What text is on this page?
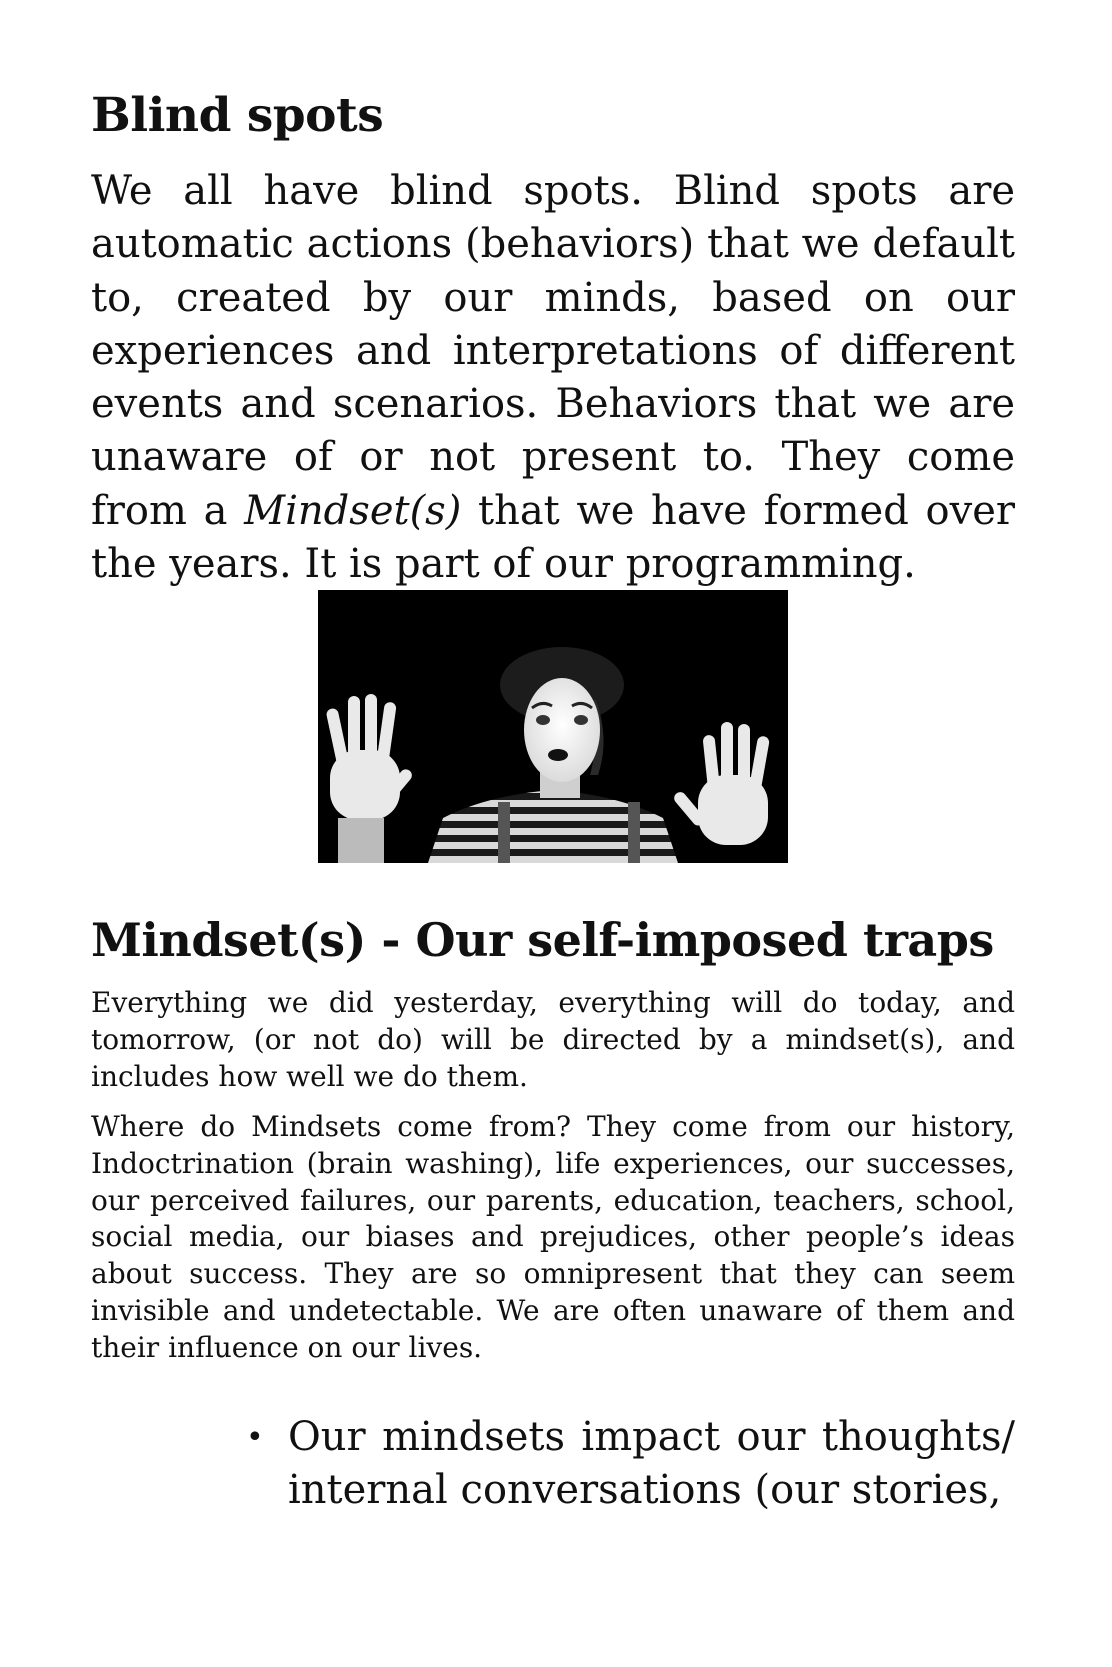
Blind spots

We all have blind spots. Blind spots are automatic actions (behaviors) that we default to, created by our minds, based on our experiences and interpretations of different events and scenarios. Behaviors that we are unaware of or not present to. They come from a Mindset(s) that we have formed over the years. It is part of our programming.

Mindset(s) - Our self-imposed traps

Everything we did yesterday, everything will do today, and tomorrow, (or not do) will be directed by a mindset(s), and includes how well we do them.

Where do Mindsets come from? They come from our history, Indoctrination (brain washing), life experiences, our successes, our perceived failures, our parents, education, teachers, school, social media, our biases and prejudices, other people’s ideas about success. They are so omnipresent that they can seem invisible and undetectable. We are often unaware of them and their influence on our lives.

• Our mindsets impact our thoughts/ internal conversations (our stories,
